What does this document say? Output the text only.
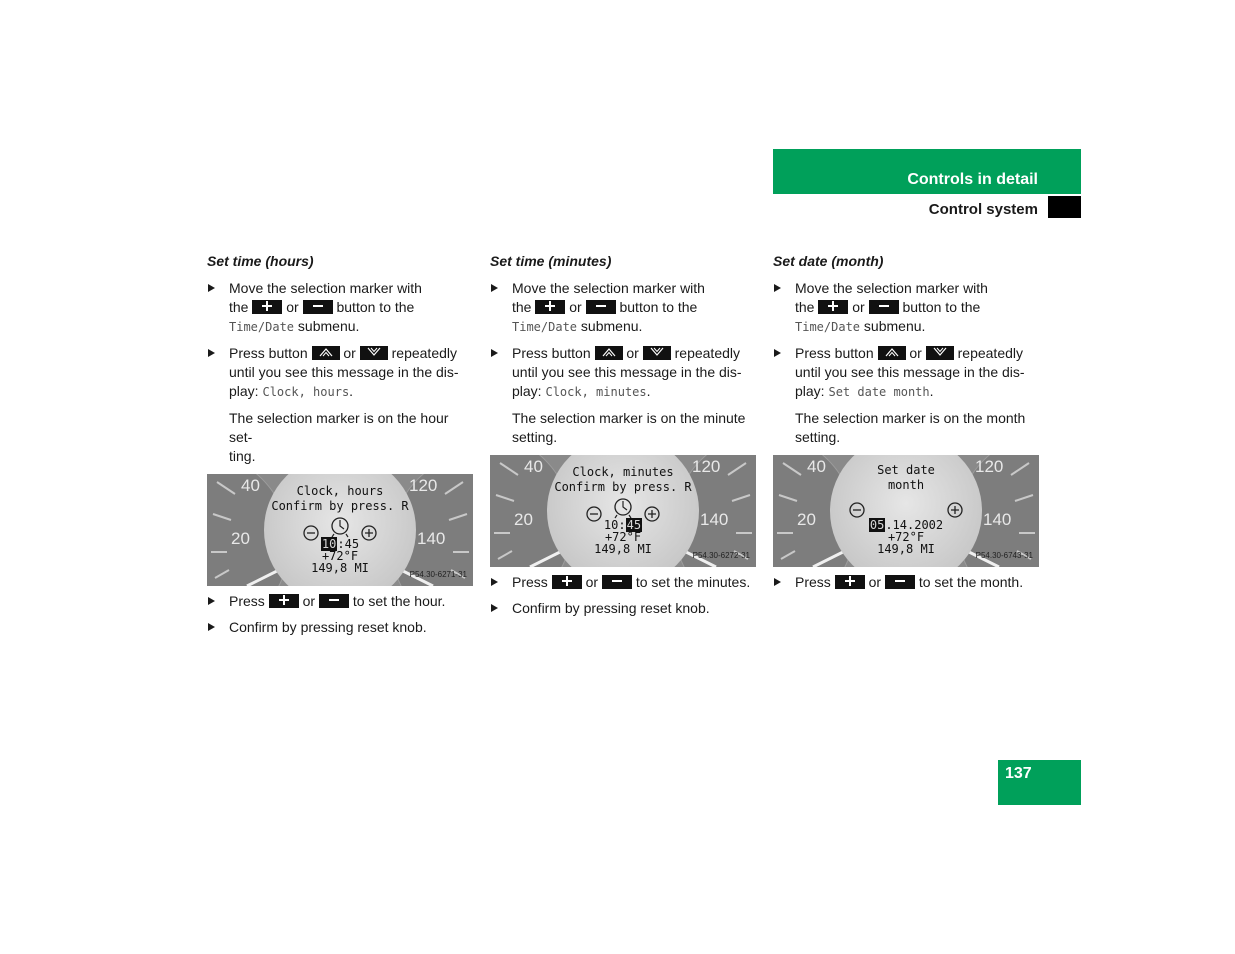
Controls in detail
Control system
Set time (hours)
Move the selection marker with
the	or	button to the
Time/Date submenu.
Press button	or	repeatedly
until you see this message in the dis-
play: Clock, hours.
The selection marker is on the hour set-
ting.
40
20
120
140
Clock, hours
Confirm by press. R
10:45
+72°F
149,8 MI	P54.30-6271-31
Press	or	to set the hour.
Confirm by pressing reset knob.
Set time (minutes)
Move the selection marker with
the	or	button to the
Time/Date submenu.
Press button	or	repeatedly
until you see this message in the dis-
play: Clock, minutes.
The selection marker is on the minute
setting.
40
20
120
140
Clock, minutes
Confirm by press. R
10:45
+72°F
149,8 MI	P54.30-6272-31
Press	or	to set the minutes.
Confirm by pressing reset knob.
Set date (month)
Move the selection marker with
the	or	button to the
Time/Date submenu.
Press button	or	repeatedly
until you see this message in the dis-
play: Set date month.
The selection marker is on the month
setting.
40
20
120
140
Set date
month
05.14.2002
+72°F
149,8 MI	P54.30-6743-31
Press	or	to set the month.
137
